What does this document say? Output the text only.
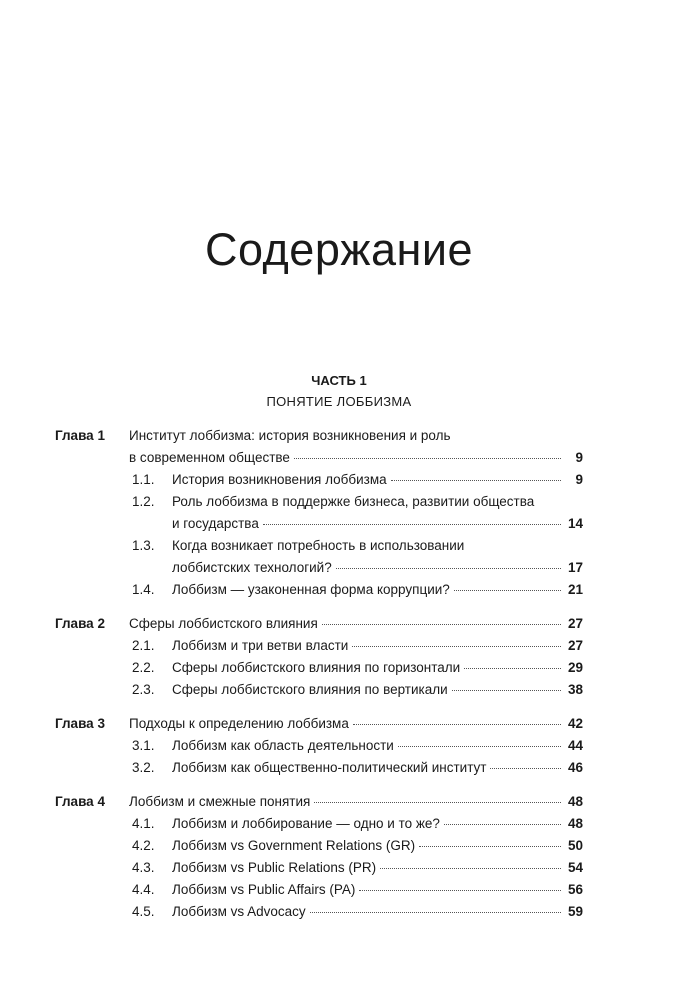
Содержание
ЧАСТЬ 1
ПОНЯТИЕ ЛОББИЗМА
Глава 1 Институт лоббизма: история возникновения и роль
в современном обществе	9
1.1. История возникновения лоббизма	9
1.2. Роль лоббизма в поддержке бизнеса, развитии общества
и государства	14
1.3. Когда возникает потребность в использовании
лоббистских технологий?	17
1.4. Лоббизм — узаконенная форма коррупции?	21
Глава 2 Сферы лоббистского влияния	27
2.1. Лоббизм и три ветви власти	27
2.2. Сферы лоббистского влияния по горизонтали	29
2.3. Сферы лоббистского влияния по вертикали	38
Глава 3 Подходы к определению лоббизма	42
3.1. Лоббизм как область деятельности	44
3.2. Лоббизм как общественно-политический институт	46
Глава 4 Лоббизм и смежные понятия	48
4.1. Лоббизм и лоббирование — одно и то же?	48
4.2. Лоббизм vs Government Relations (GR)	50
4.3. Лоббизм vs Public Relations (PR)	54
4.4. Лоббизм vs Public Affairs (PA)	56
4.5. Лоббизм vs Advocacy	59
